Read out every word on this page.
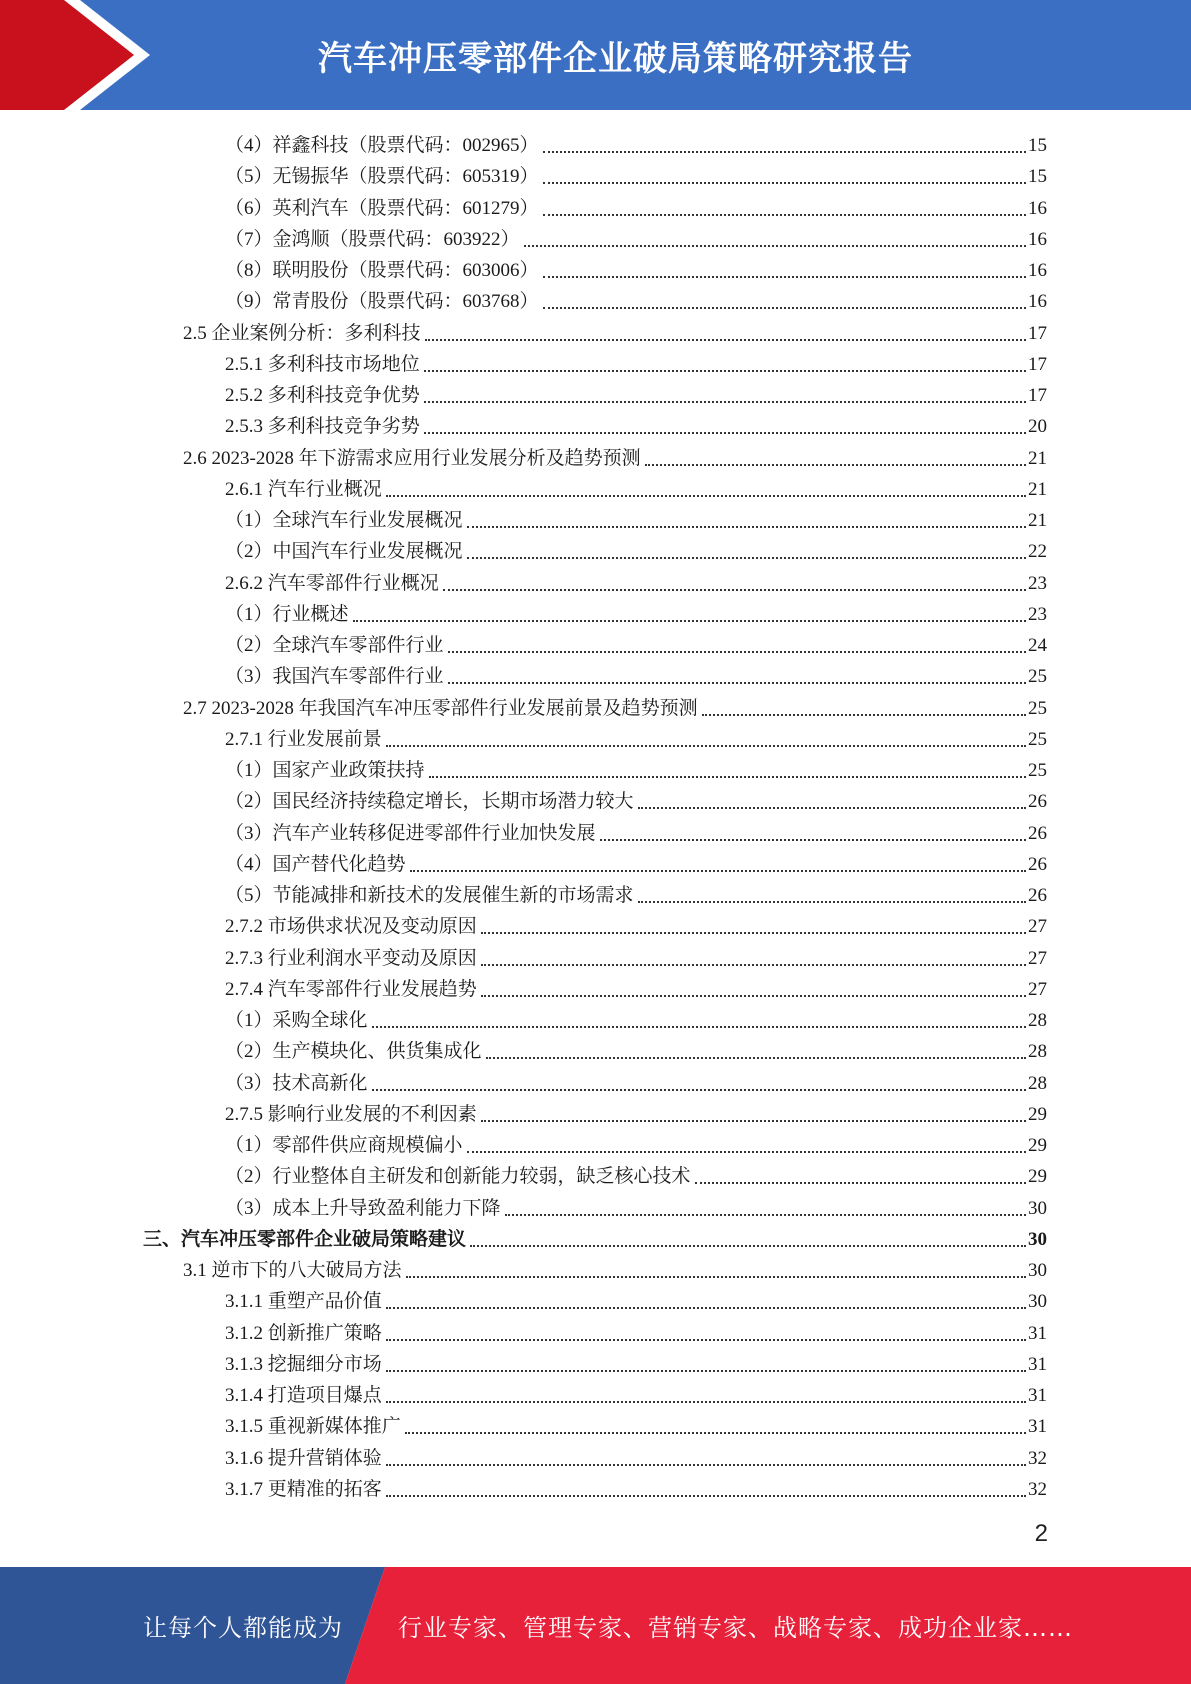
汽车冲压零部件企业破局策略研究报告
（4）祥鑫科技（股票代码：002965）	15
（5）无锡振华（股票代码：605319）	15
（6）英利汽车（股票代码：601279）	16
（7）金鸿顺（股票代码：603922）	16
（8）联明股份（股票代码：603006）	16
（9）常青股份（股票代码：603768）	16
2.5 企业案例分析：多利科技	17
2.5.1 多利科技市场地位	17
2.5.2 多利科技竞争优势	17
2.5.3 多利科技竞争劣势	20
2.6 2023-2028 年下游需求应用行业发展分析及趋势预测	21
2.6.1 汽车行业概况	21
（1）全球汽车行业发展概况	21
（2）中国汽车行业发展概况	22
2.6.2 汽车零部件行业概况	23
（1）行业概述	23
（2）全球汽车零部件行业	24
（3）我国汽车零部件行业	25
2.7 2023-2028 年我国汽车冲压零部件行业发展前景及趋势预测	25
2.7.1 行业发展前景	25
（1）国家产业政策扶持	25
（2）国民经济持续稳定增长，长期市场潜力较大	26
（3）汽车产业转移促进零部件行业加快发展	26
（4）国产替代化趋势	26
（5）节能减排和新技术的发展催生新的市场需求	26
2.7.2 市场供求状况及变动原因	27
2.7.3 行业利润水平变动及原因	27
2.7.4 汽车零部件行业发展趋势	27
（1）采购全球化	28
（2）生产模块化、供货集成化	28
（3）技术高新化	28
2.7.5 影响行业发展的不利因素	29
（1）零部件供应商规模偏小	29
（2）行业整体自主研发和创新能力较弱，缺乏核心技术	29
（3）成本上升导致盈利能力下降	30
三、汽车冲压零部件企业破局策略建议	30
3.1 逆市下的八大破局方法	30
3.1.1 重塑产品价值	30
3.1.2 创新推广策略	31
3.1.3 挖掘细分市场	31
3.1.4 打造项目爆点	31
3.1.5 重视新媒体推广	31
3.1.6 提升营销体验	32
3.1.7 更精准的拓客	32
2
让每个人都能成为 行业专家、管理专家、营销专家、战略专家、成功企业家……
